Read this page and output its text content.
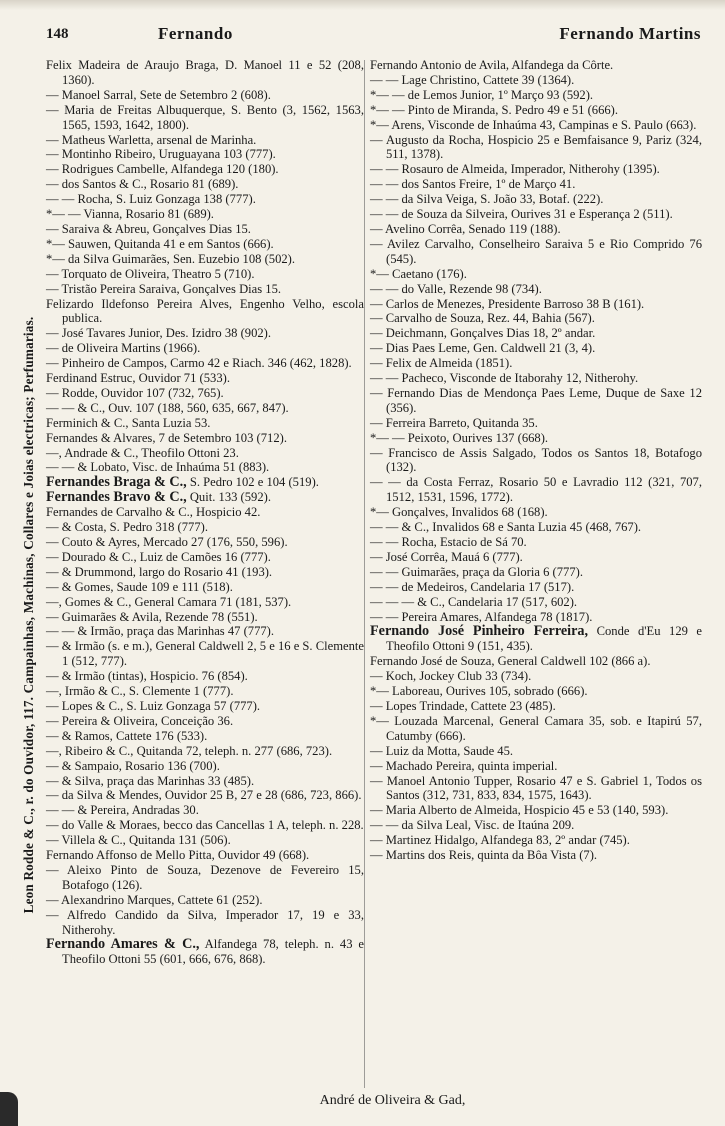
148	Fernando	Fernando Martins
Leon Rodde & C., r. do Ouvidor, 117. Campainhas, Machinas, Collares e Joias electricas; Perfumarias.
Felix Madeira de Araujo Braga, D. Manoel 11 e 52 (208, 1360).
— Manoel Sarral, Sete de Setembro 2 (608).
— Maria de Freitas Albuquerque, S. Bento (3, 1562, 1563, 1565, 1593, 1642, 1800).
— Matheus Warletta, arsenal de Marinha.
— Montinho Ribeiro, Uruguayana 103 (777).
— Rodrigues Cambelle, Alfandega 120 (180).
— dos Santos & C., Rosario 81 (689).
— — Rocha, S. Luiz Gonzaga 138 (777).
*— — Vianna, Rosario 81 (689).
— Saraiva & Abreu, Gonçalves Dias 15.
*— Sauwen, Quitanda 41 e em Santos (666).
*— da Silva Guimarães, Sen. Euzebio 108 (502).
— Torquato de Oliveira, Theatro 5 (710).
— Tristão Pereira Saraiva, Gonçalves Dias 15.
Felizardo Ildefonso Pereira Alves, Engenho Velho, escola publica.
— José Tavares Junior, Des. Izidro 38 (902).
— de Oliveira Martins (1966).
— Pinheiro de Campos, Carmo 42 e Riach. 346 (462, 1828).
Ferdinand Estruc, Ouvidor 71 (533).
— Rodde, Ouvidor 107 (732, 765).
— — & C., Ouv. 107 (188, 560, 635, 667, 847).
Ferminich & C., Santa Luzia 53.
Fernandes & Alvares, 7 de Setembro 103 (712).
—, Andrade & C., Theofilo Ottoni 23.
— — & Lobato, Visc. de Inhaúma 51 (883).
Fernandes Braga & C., S. Pedro 102 e 104 (519).
Fernandes Bravo & C., Quit. 133 (592).
Fernandes de Carvalho & C., Hospicio 42.
— & Costa, S. Pedro 318 (777).
— Couto & Ayres, Mercado 27 (176, 550, 596).
— Dourado & C., Luiz de Camões 16 (777).
— & Drummond, largo do Rosario 41 (193).
— & Gomes, Saude 109 e 111 (518).
—, Gomes & C., General Camara 71 (181, 537).
— Guimarães & Avila, Rezende 78 (551).
— — & Irmão, praça das Marinhas 47 (777).
— & Irmão (s. e m.), General Caldwell 2, 5 e 16 e S. Clemente 1 (512, 777).
— & Irmão (tintas), Hospicio. 76 (854).
—, Irmão & C., S. Clemente 1 (777).
— Lopes & C., S. Luiz Gonzaga 57 (777).
— Pereira & Oliveira, Conceição 36.
— & Ramos, Cattete 176 (533).
—, Ribeiro & C., Quitanda 72, teleph. n. 277 (686, 723).
— & Sampaio, Rosario 136 (700).
— & Silva, praça das Marinhas 33 (485).
— da Silva & Mendes, Ouvidor 25 B, 27 e 28 (686, 723, 866).
— — & Pereira, Andradas 30.
— do Valle & Moraes, becco das Cancellas 1 A, teleph. n. 228.
— Villela & C., Quitanda 131 (506).
Fernando Affonso de Mello Pitta, Ouvidor 49 (668).
— Aleixo Pinto de Souza, Dezenove de Fevereiro 15, Botafogo (126).
— Alexandrino Marques, Cattete 61 (252).
— Alfredo Candido da Silva, Imperador 17, 19 e 33, Nitherohy.
Fernando Amares & C., Alfandega 78, teleph. n. 43 e Theofilo Ottoni 55 (601, 666, 676, 868).
Fernando Antonio de Avila, Alfandega da Côrte.
— — Lage Christino, Cattete 39 (1364).
*— — de Lemos Junior, 1º Março 93 (592).
*— — Pinto de Miranda, S. Pedro 49 e 51 (666).
*— Arens, Visconde de Inhaúma 43, Campinas e S. Paulo (663).
— Augusto da Rocha, Hospicio 25 e Bemfaisance 9, Pariz (324, 511, 1378).
— — Rosauro de Almeida, Imperador, Nitherohy (1395).
— — dos Santos Freire, 1º de Março 41.
— — da Silva Veiga, S. João 33, Botaf. (222).
— — de Souza da Silveira, Ourives 31 e Esperança 2 (511).
— Avelino Corrêa, Senado 119 (188).
— Avilez Carvalho, Conselheiro Saraiva 5 e Rio Comprido 76 (545).
*— Caetano (176).
— — do Valle, Rezende 98 (734).
— Carlos de Menezes, Presidente Barroso 38 B (161).
— Carvalho de Souza, Rez. 44, Bahia (567).
— Deichmann, Gonçalves Dias 18, 2º andar.
— Dias Paes Leme, Gen. Caldwell 21 (3, 4).
— Felix de Almeida (1851).
— — Pacheco, Visconde de Itaborahy 12, Nitherohy.
— Fernando Dias de Mendonça Paes Leme, Duque de Saxe 12 (356).
— Ferreira Barreto, Quitanda 35.
*— — Peixoto, Ourives 137 (668).
— Francisco de Assis Salgado, Todos os Santos 18, Botafogo (132).
— — da Costa Ferraz, Rosario 50 e Lavradio 112 (321, 707, 1512, 1531, 1596, 1772).
*— Gonçalves, Invalidos 68 (168).
— — & C., Invalidos 68 e Santa Luzia 45 (468, 767).
— — Rocha, Estacio de Sá 70.
— José Corrêa, Mauá 6 (777).
— — Guimarães, praça da Gloria 6 (777).
— — de Medeiros, Candelaria 17 (517).
— — — & C., Candelaria 17 (517, 602).
— — Pereira Amares, Alfandega 78 (1817).
Fernando José Pinheiro Ferreira, Conde d'Eu 129 e Theofilo Ottoni 9 (151, 435).
Fernando José de Souza, General Caldwell 102 (866 a).
— Koch, Jockey Club 33 (734).
*— Laboreau, Ourives 105, sobrado (666).
— Lopes Trindade, Cattete 23 (485).
*— Louzada Marcenal, General Camara 35, sob. e Itapirú 57, Catumby (666).
— Luiz da Motta, Saude 45.
— Machado Pereira, quinta imperial.
— Manoel Antonio Tupper, Rosario 47 e S. Gabriel 1, Todos os Santos (312, 731, 833, 834, 1575, 1643).
— Maria Alberto de Almeida, Hospicio 45 e 53 (140, 593).
— — da Silva Leal, Visc. de Itaúna 209.
— Martinez Hidalgo, Alfandega 83, 2º andar (745).
— Martins dos Reis, quinta da Bôa Vista (7).
André de Oliveira & Gad,
